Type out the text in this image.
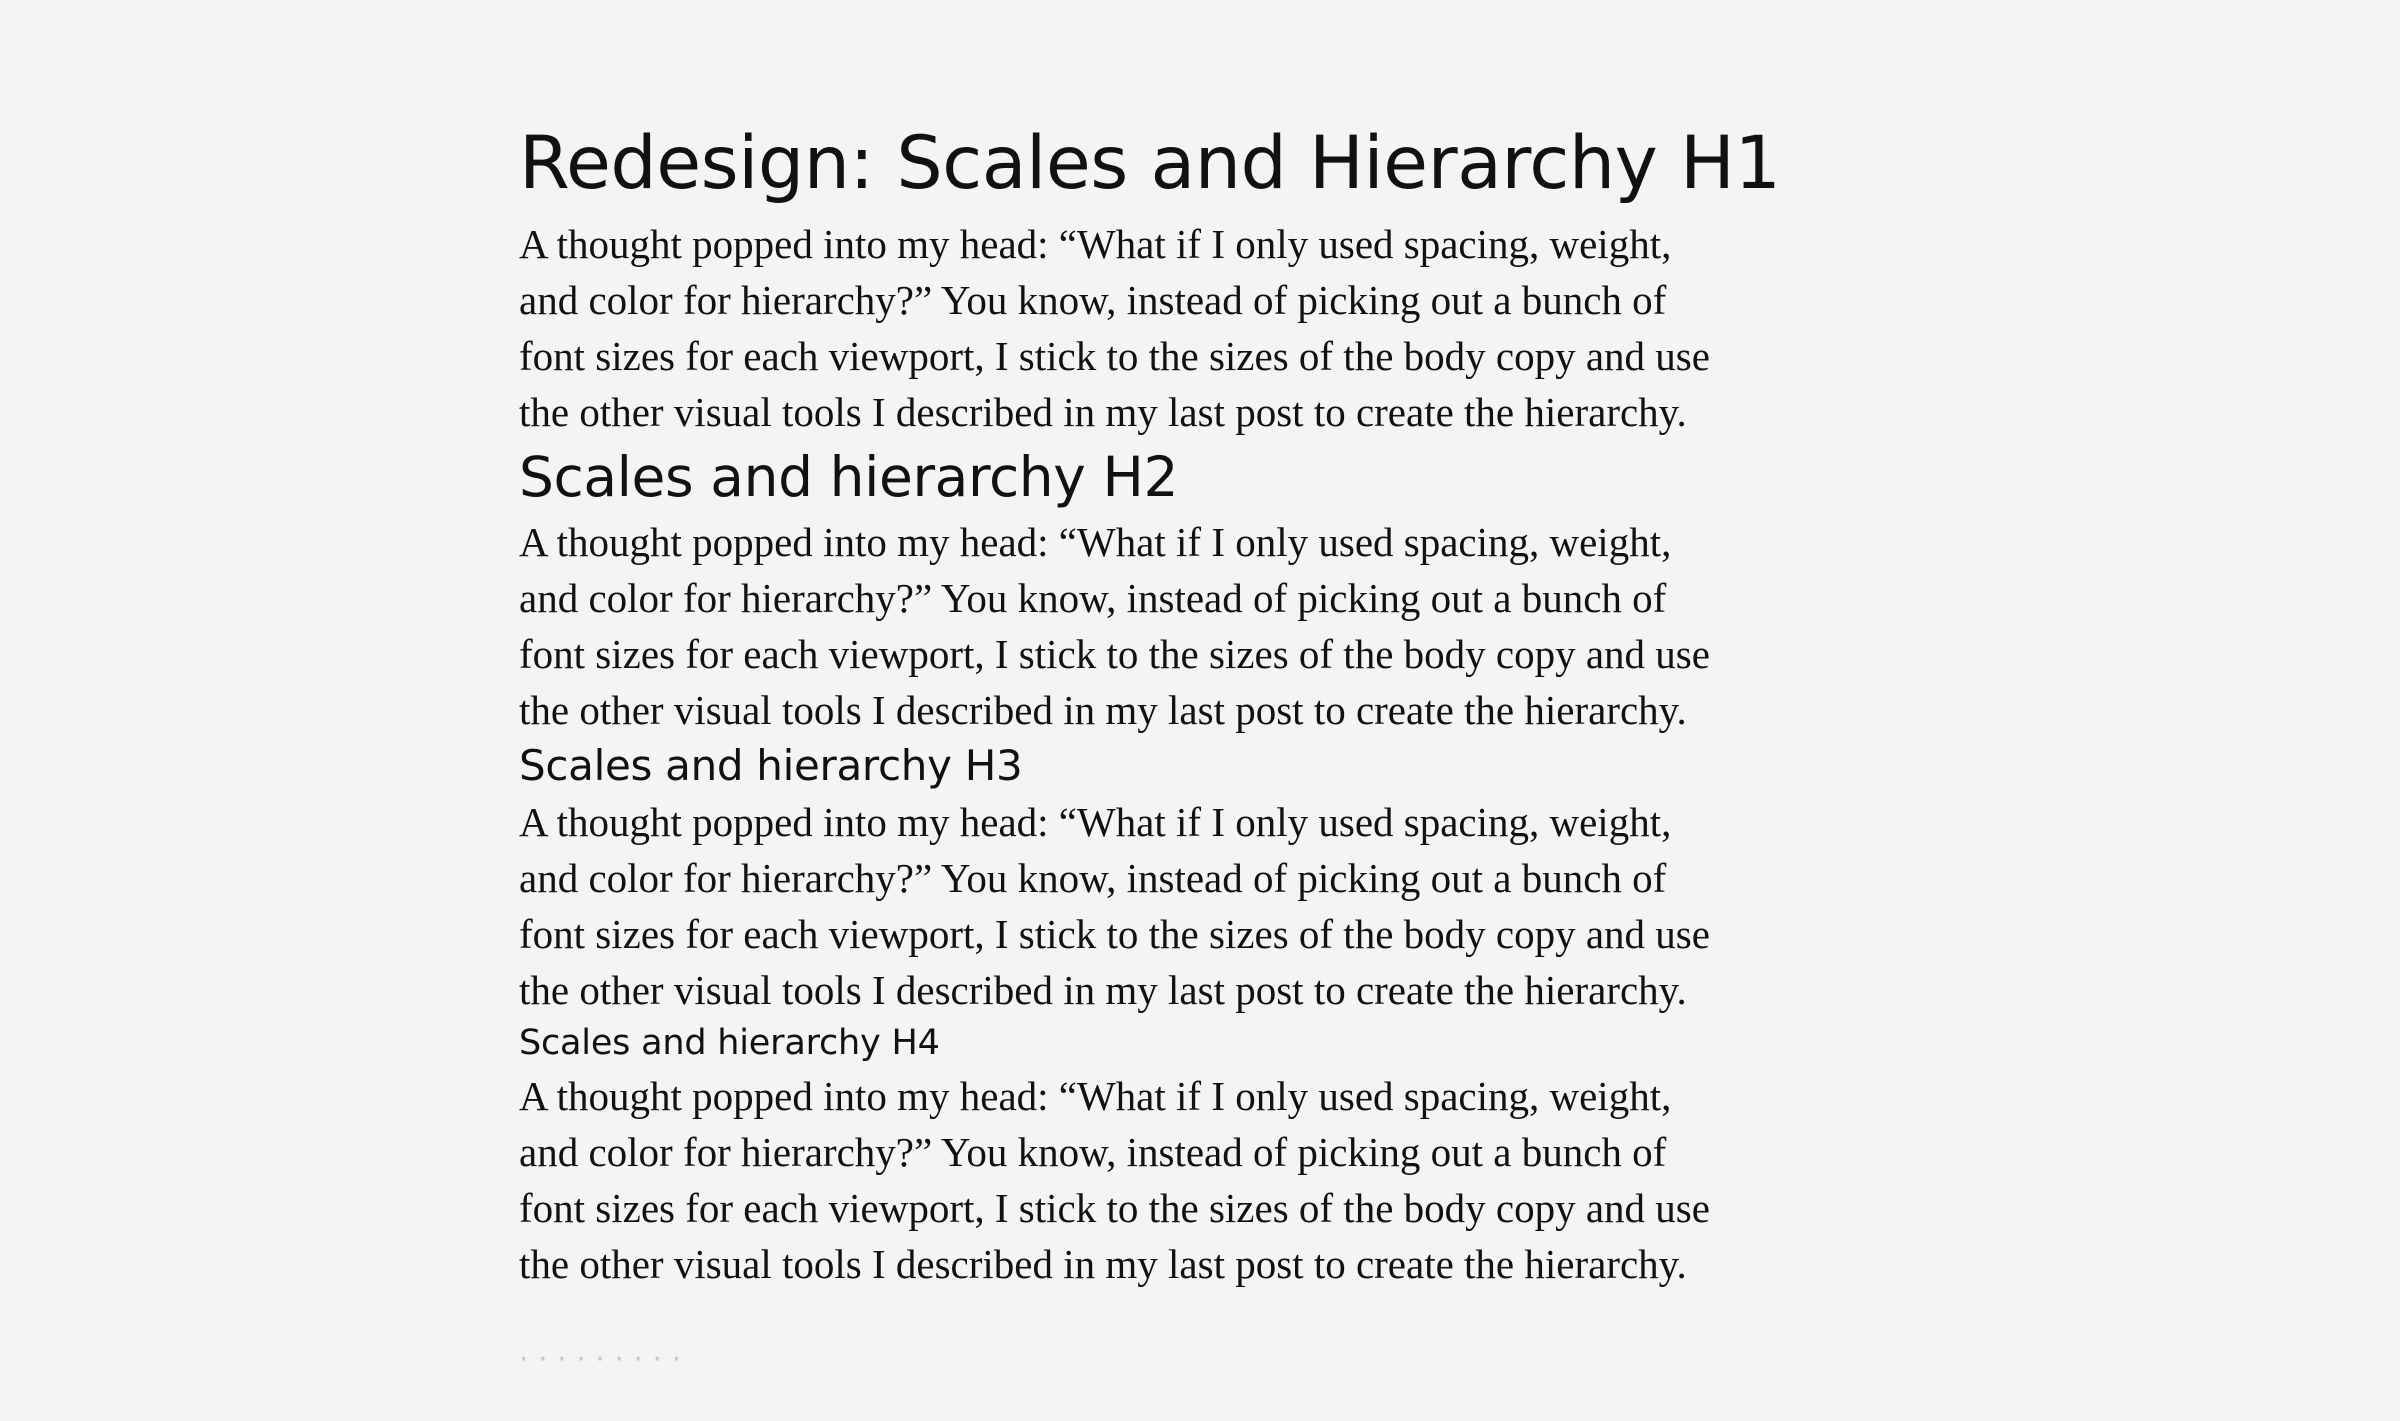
Redesign: Scales and Hierarchy H1

A thought popped into my head: “What if I only used spacing, weight,
and color for hierarchy?” You know, instead of picking out a bunch of
font sizes for each viewport, I stick to the sizes of the body copy and use
the other visual tools I described in my last post to create the hierarchy.

Scales and hierarchy H2

A thought popped into my head: “What if I only used spacing, weight,
and color for hierarchy?” You know, instead of picking out a bunch of
font sizes for each viewport, I stick to the sizes of the body copy and use
the other visual tools I described in my last post to create the hierarchy.

Scales and hierarchy H3

A thought popped into my head: “What if I only used spacing, weight,
and color for hierarchy?” You know, instead of picking out a bunch of
font sizes for each viewport, I stick to the sizes of the body copy and use
the other visual tools I described in my last post to create the hierarchy.

Scales and hierarchy H4

A thought popped into my head: “What if I only used spacing, weight,
and color for hierarchy?” You know, instead of picking out a bunch of
font sizes for each viewport, I stick to the sizes of the body copy and use
the other visual tools I described in my last post to create the hierarchy.

· · · · · · · · ·
